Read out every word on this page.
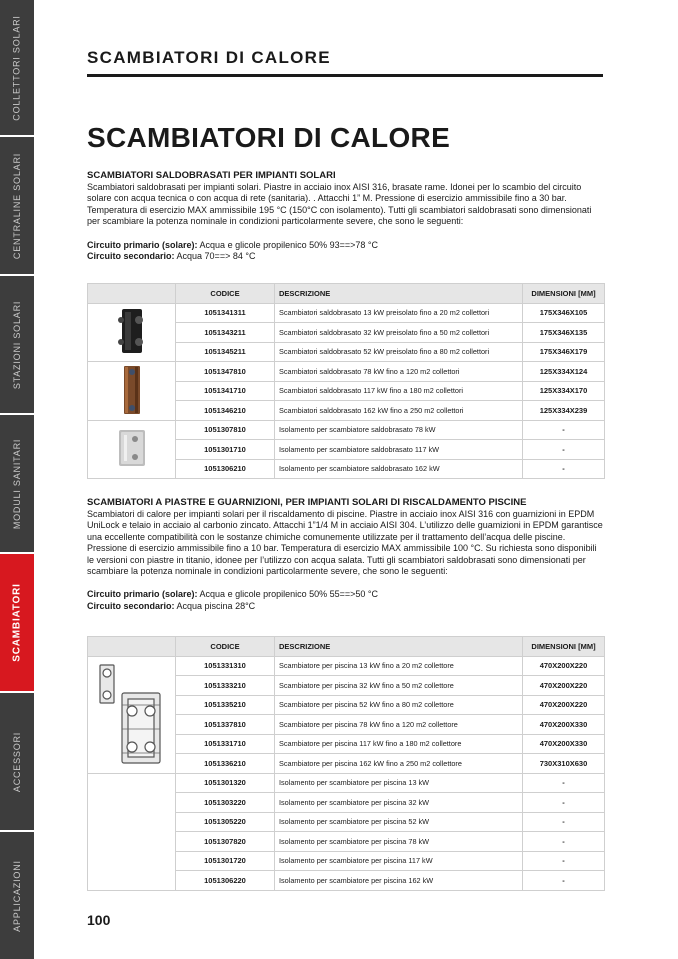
COLLETTORI SOLARI
CENTRALINE SOLARI
STAZIONI SOLARI
MODULI SANITARI
SCAMBIATORI
ACCESSORI
APPLICAZIONI
SCAMBIATORI DI CALORE
SCAMBIATORI DI CALORE
SCAMBIATORI SALDOBRASATI PER IMPIANTI SOLARI
Scambiatori saldobrasati per impianti solari. Piastre in acciaio inox AISI 316, brasate rame. Idonei per lo scambio del circuito solare con acqua tecnica o con acqua di rete (sanitaria). . Attacchi 1” M. Pressione di esercizio ammissibile fino a 30 bar. Temperatura di esercizio MAX ammissibile 195 °C (150°C con isolamento). Tutti gli scambiatori saldobrasati sono dimensionati per scambiare la potenza nominale in condizioni particolarmente severe, che sono le seguenti:
Circuito primario (solare): Acqua e glicole propilenico 50% 93==>78 °C
Circuito secondario: Acqua 70==> 84 °C
	CODICE	DESCRIZIONE	DIMENSIONI [MM]
	1051341311	Scambiatori saldobrasato 13 kW preisolato fino a 20 m2 collettori	175X346X105
	1051343211	Scambiatori saldobrasato 32 kW preisolato fino a 50 m2 collettori	175X346X135
	1051345211	Scambiatori saldobrasato 52 kW preisolato fino a 80 m2 collettori	175X346X179
	1051347810	Scambiatori saldobrasato 78 kW fino a 120 m2 collettori	125X334X124
	1051341710	Scambiatori saldobrasato 117 kW fino a 180 m2 collettori	125X334X170
	1051346210	Scambiatori saldobrasato 162 kW fino a 250 m2 collettori	125X334X239
	1051307810	Isolamento per scambiatore saldobrasato 78 kW	-
	1051301710	Isolamento per scambiatore saldobrasato 117 kW	-
	1051306210	Isolamento per scambiatore saldobrasato 162 kW	-
SCAMBIATORI A PIASTRE E GUARNIZIONI, PER IMPIANTI SOLARI DI RISCALDAMENTO PISCINE
Scambiatori di calore per impianti solari per il riscaldamento di piscine. Piastre in acciaio inox AISI 316 con guarnizioni in EPDM UniLock e telaio in acciaio al carbonio zincato. Attacchi 1”1/4 M in acciaio AISI 304. L’utilizzo delle guamizioni in EPDM garantisce una eccellente compatibilità con le sostanze chimiche comunemente utilizzate per il trattamento dell’acqua delle piscine. Pressione di esercizio ammissibile fino a 10 bar. Temperatura di esercizio MAX ammissibile 100 °C. Su richiesta sono disponibili le versioni con piastre in titanio, idonee per l’utilizzo con acqua salata. Tutti gli scambiatori saldobrasati sono dimensionati per scambiare la potenza nominale in condizioni particolarmente severe, che sono le seguenti:
Circuito primario (solare): Acqua e glicole propilenico 50% 55==>50 °C
Circuito secondario: Acqua piscina 28°C
	CODICE	DESCRIZIONE	DIMENSIONI [MM]
	1051331310	Scambiatore per piscina 13 kW fino a 20 m2 collettore	470X200X220
	1051333210	Scambiatore per piscina 32 kW fino a 50 m2 collettore	470X200X220
	1051335210	Scambiatore per piscina 52 kW fino a 80 m2 collettore	470X200X220
	1051337810	Scambiatore per piscina 78 kW fino a 120 m2 collettore	470X200X330
	1051331710	Scambiatore per piscina 117 kW fino a 180 m2 collettore	470X200X330
	1051336210	Scambiatore per piscina 162 kW fino a 250 m2 collettore	730X310X630
	1051301320	Isolamento per scambiatore per piscina 13 kW	-
	1051303220	Isolamento per scambiatore per piscina 32 kW	-
	1051305220	Isolamento per scambiatore per piscina 52 kW	-
	1051307820	Isolamento per scambiatore per piscina 78 kW	-
	1051301720	Isolamento per scambiatore per piscina 117 kW	-
	1051306220	Isolamento per scambiatore per piscina 162 kW	-
100
